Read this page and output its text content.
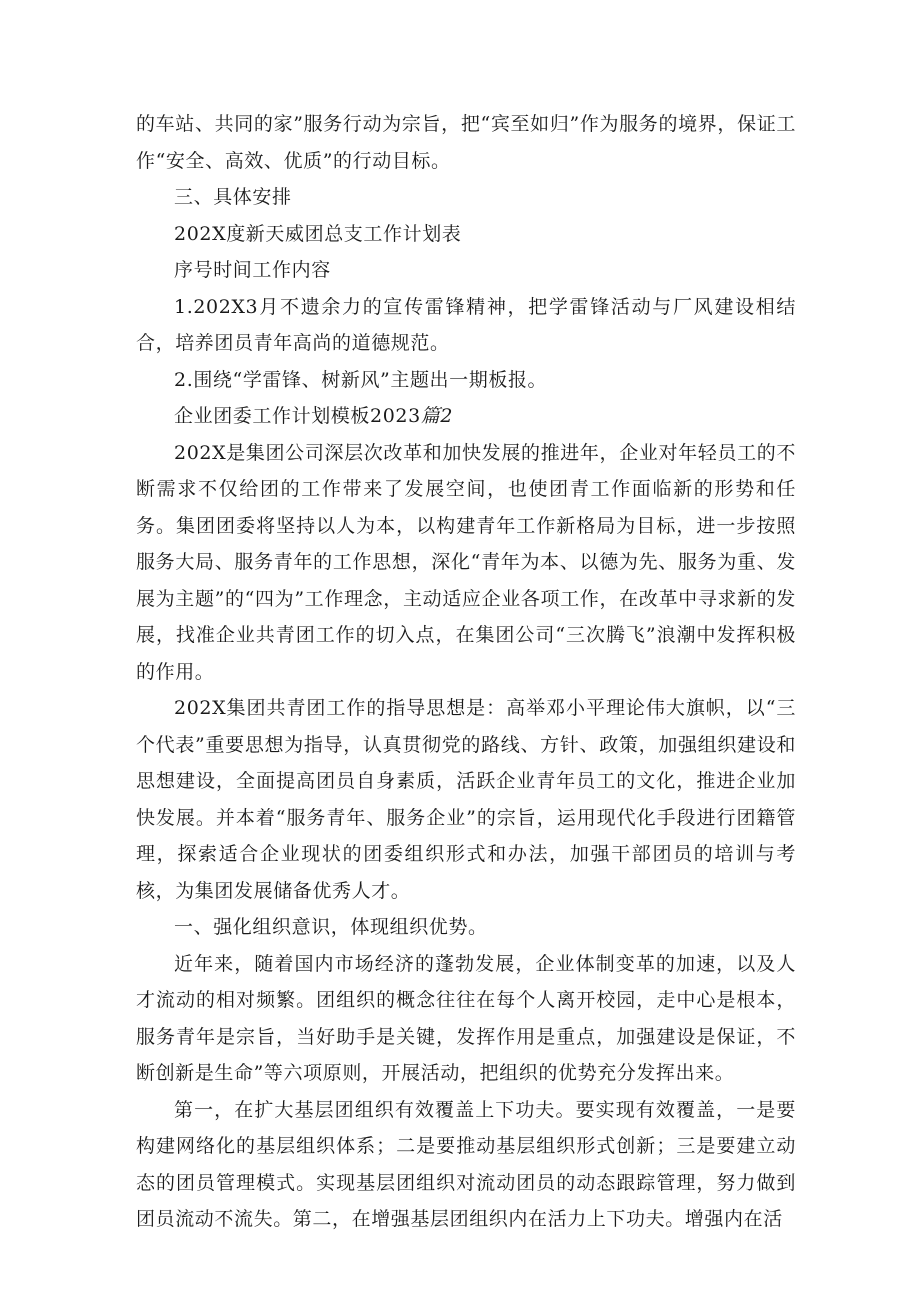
的车站、共同的家”服务行动为宗旨，把“宾至如归”作为服务的境界，保证工作“安全、高效、优质”的行动目标。

三、具体安排

202X度新天威团总支工作计划表

序号时间工作内容

1.202X3月不遗余力的宣传雷锋精神，把学雷锋活动与厂风建设相结合，培养团员青年高尚的道德规范。

2.围绕“学雷锋、树新风”主题出一期板报。

企业团委工作计划模板2023篇2

202X是集团公司深层次改革和加快发展的推进年，企业对年轻员工的不断需求不仅给团的工作带来了发展空间，也使团青工作面临新的形势和任务。集团团委将坚持以人为本，以构建青年工作新格局为目标，进一步按照服务大局、服务青年的工作思想，深化“青年为本、以德为先、服务为重、发展为主题”的“四为”工作理念，主动适应企业各项工作，在改革中寻求新的发展，找准企业共青团工作的切入点，在集团公司“三次腾飞”浪潮中发挥积极的作用。

202X集团共青团工作的指导思想是：高举邓小平理论伟大旗帜，以“三个代表”重要思想为指导，认真贯彻党的路线、方针、政策，加强组织建设和思想建设，全面提高团员自身素质，活跃企业青年员工的文化，推进企业加快发展。并本着“服务青年、服务企业”的宗旨，运用现代化手段进行团籍管理，探索适合企业现状的团委组织形式和办法，加强干部团员的培训与考核，为集团发展储备优秀人才。

一、强化组织意识，体现组织优势。

近年来，随着国内市场经济的蓬勃发展，企业体制变革的加速，以及人才流动的相对频繁。团组织的概念往往在每个人离开校园，走中心是根本，服务青年是宗旨，当好助手是关键，发挥作用是重点，加强建设是保证，不断创新是生命”等六项原则，开展活动，把组织的优势充分发挥出来。

第一，在扩大基层团组织有效覆盖上下功夫。要实现有效覆盖，一是要构建网络化的基层组织体系；二是要推动基层组织形式创新；三是要建立动态的团员管理模式。实现基层团组织对流动团员的动态跟踪管理，努力做到团员流动不流失。第二，在增强基层团组织内在活力上下功夫。增强内在活
